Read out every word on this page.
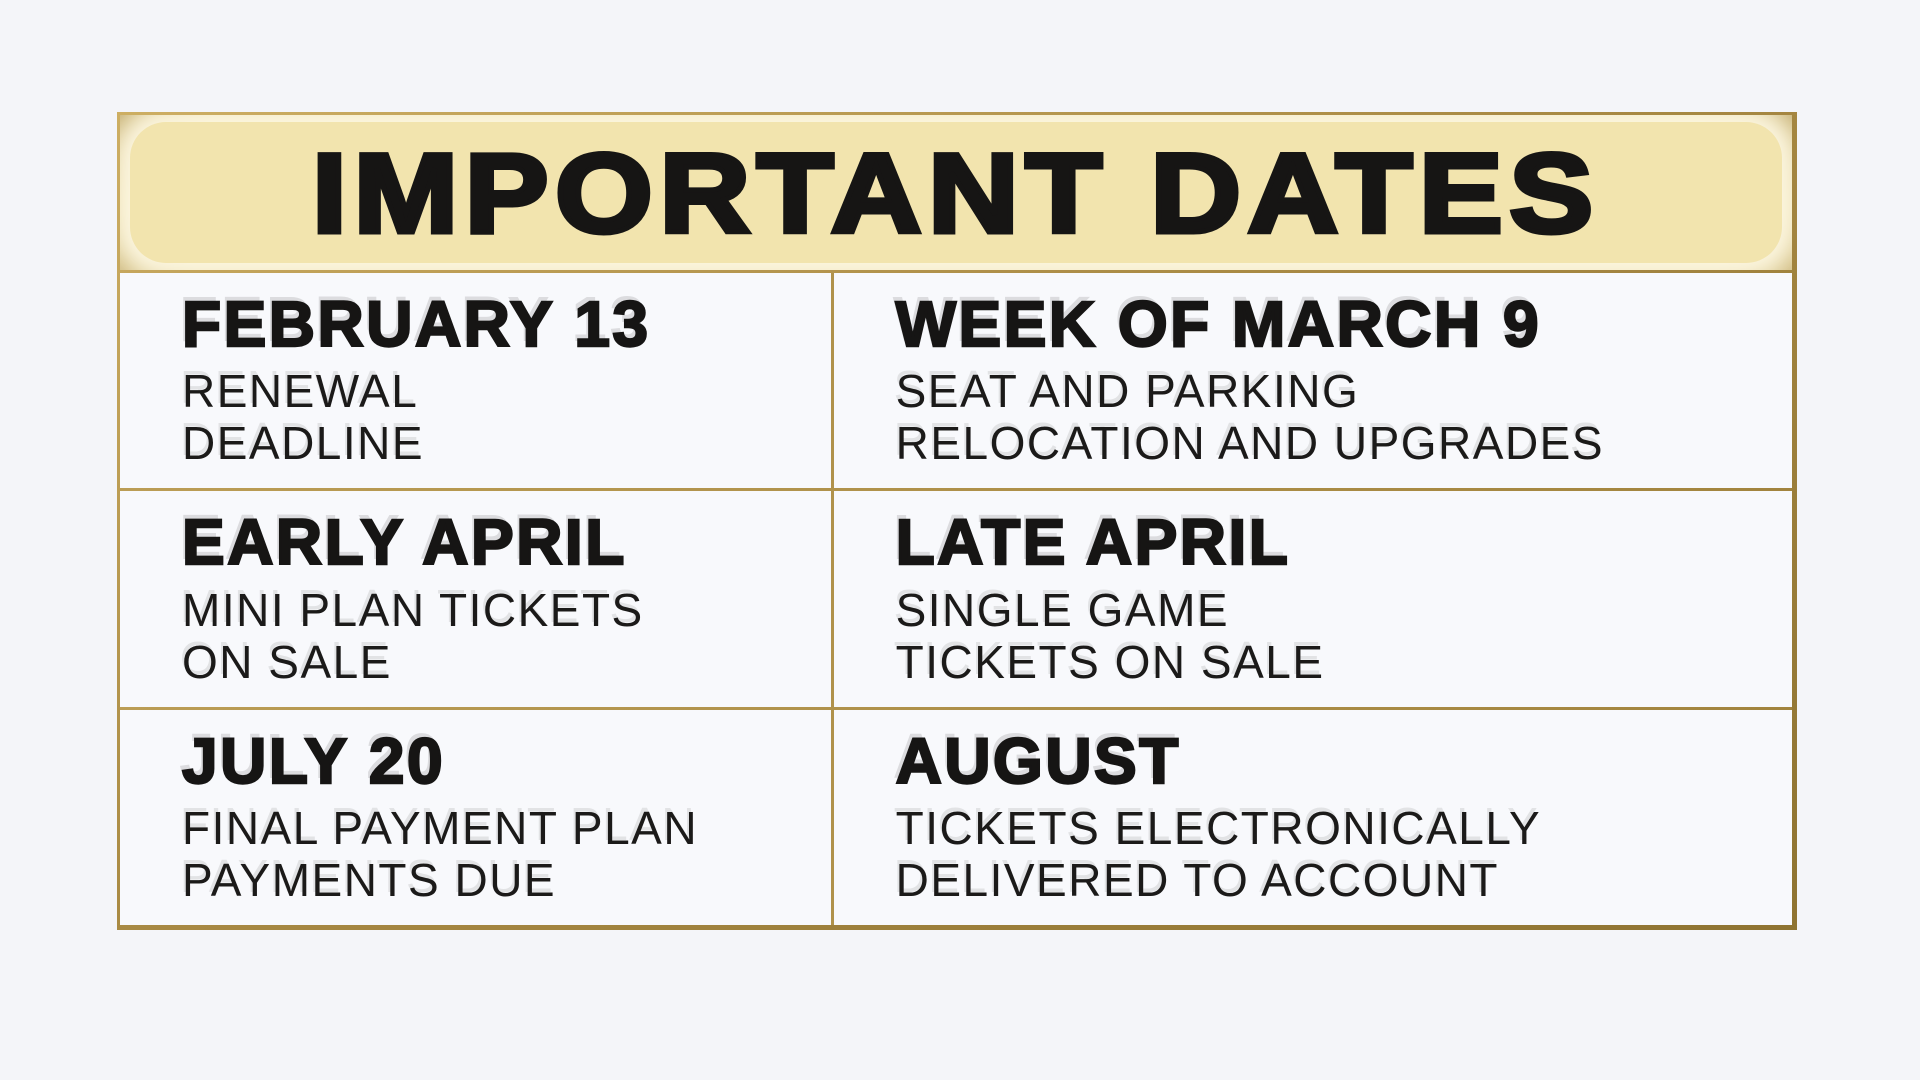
IMPORTANT DATES
FEBRUARY 13
RENEWAL
DEADLINE
WEEK OF MARCH 9
SEAT AND PARKING
RELOCATION AND UPGRADES
EARLY APRIL
MINI PLAN TICKETS
ON SALE
LATE APRIL
SINGLE GAME
TICKETS ON SALE
JULY 20
FINAL PAYMENT PLAN
PAYMENTS DUE
AUGUST
TICKETS ELECTRONICALLY
DELIVERED TO ACCOUNT
